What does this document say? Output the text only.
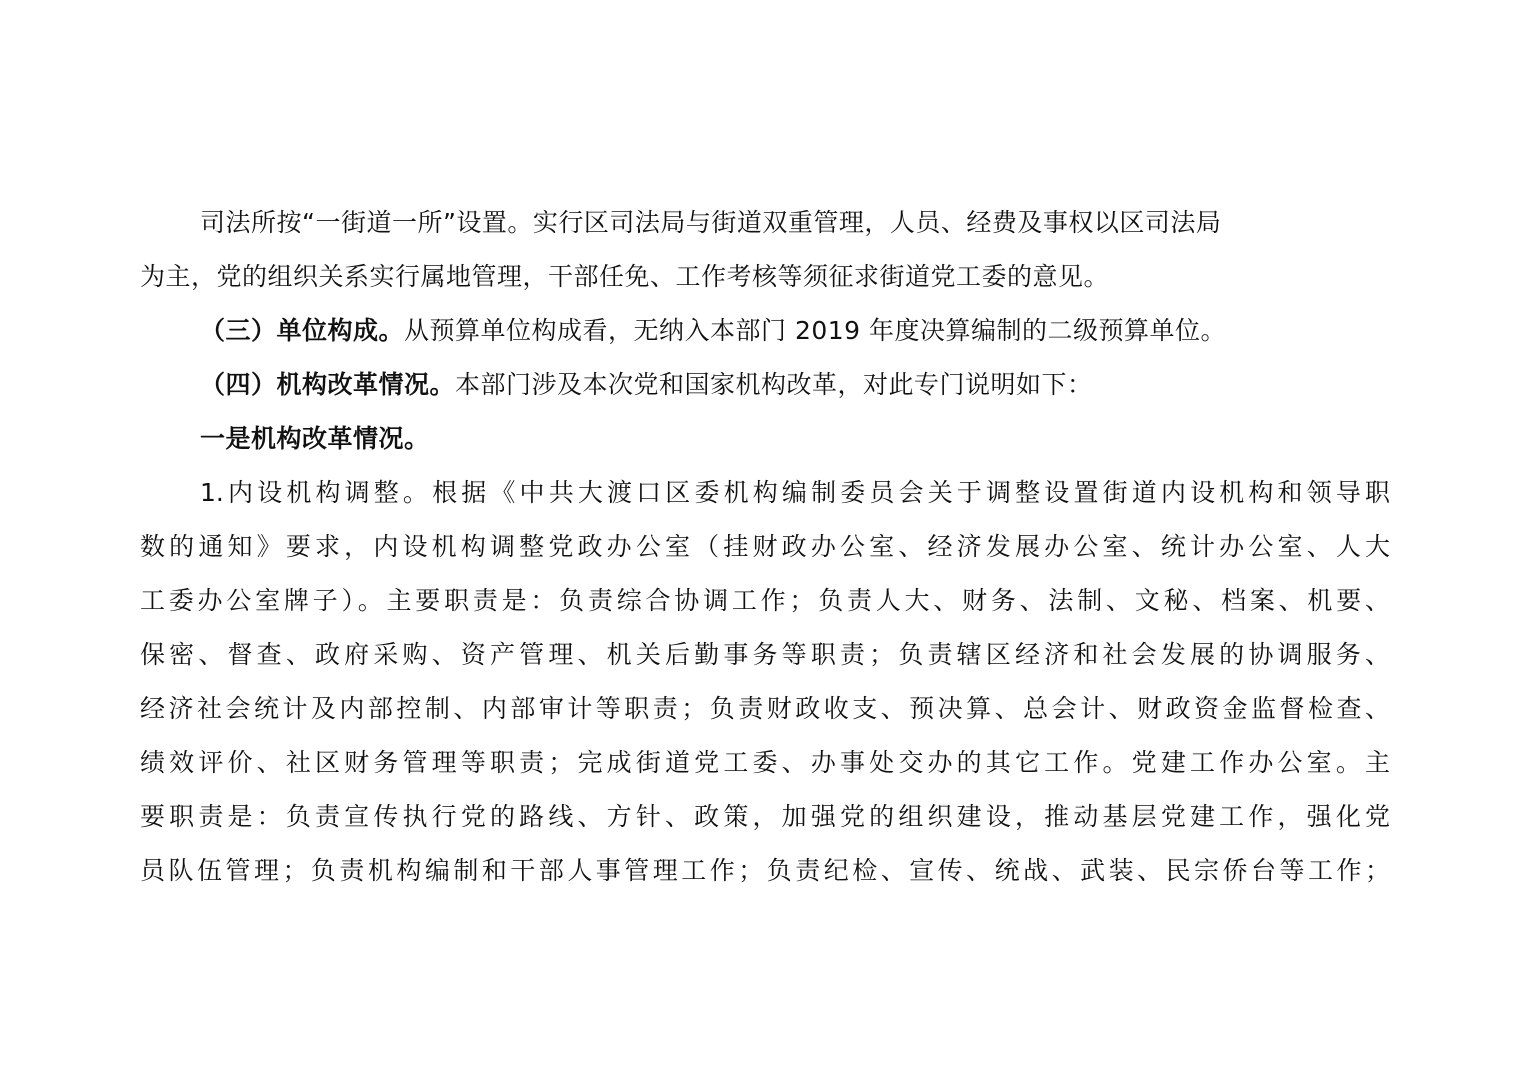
司法所按“一街道一所”设置。实行区司法局与街道双重管理，人员、经费及事权以区司法局
为主，党的组织关系实行属地管理，干部任免、工作考核等须征求街道党工委的意见。
（三）单位构成。从预算单位构成看，无纳入本部门 2019 年度决算编制的二级预算单位。
（四）机构改革情况。本部门涉及本次党和国家机构改革，对此专门说明如下：
一是机构改革情况。
1.内设机构调整。根据《中共大渡口区委机构编制委员会关于调整设置街道内设机构和领导职
数的通知》要求，内设机构调整党政办公室（挂财政办公室、经济发展办公室、统计办公室、人大
工委办公室牌子）。主要职责是：负责综合协调工作；负责人大、财务、法制、文秘、档案、机要、
保密、督查、政府采购、资产管理、机关后勤事务等职责；负责辖区经济和社会发展的协调服务、
经济社会统计及内部控制、内部审计等职责；负责财政收支、预决算、总会计、财政资金监督检查、
绩效评价、社区财务管理等职责；完成街道党工委、办事处交办的其它工作。党建工作办公室。主
要职责是：负责宣传执行党的路线、方针、政策，加强党的组织建设，推动基层党建工作，强化党
员队伍管理；负责机构编制和干部人事管理工作；负责纪检、宣传、统战、武装、民宗侨台等工作；
